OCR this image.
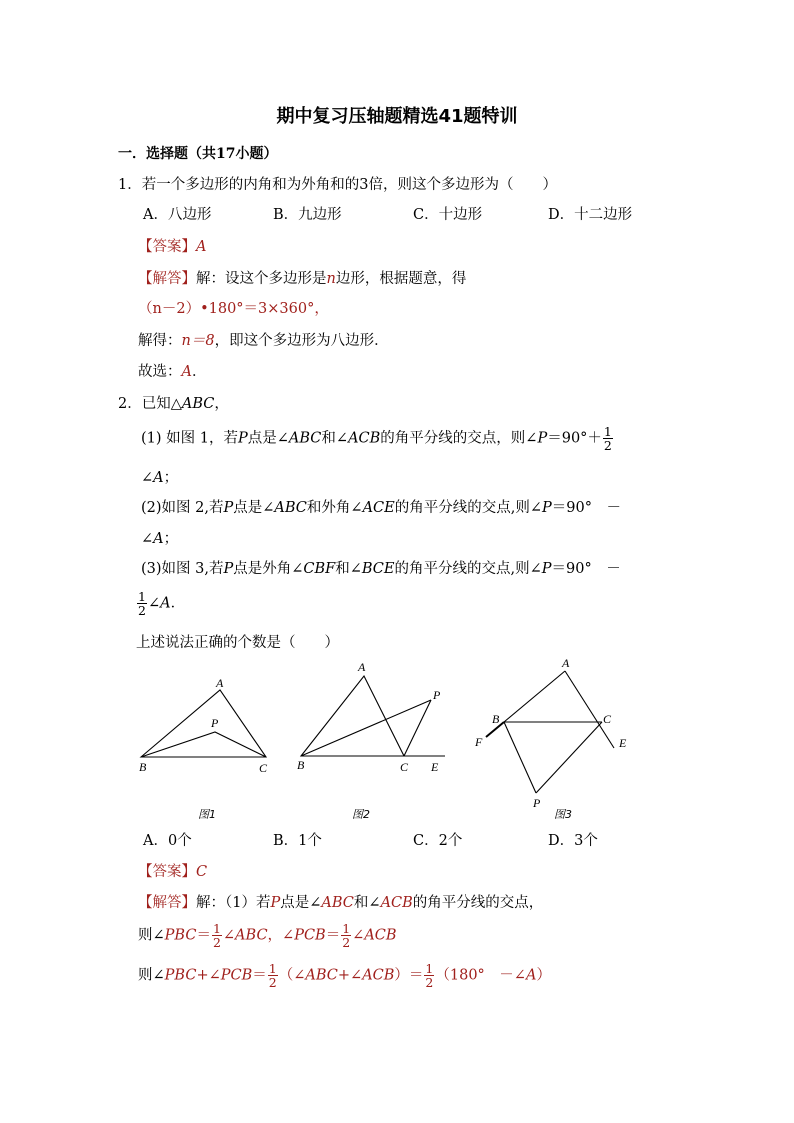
期中复习压轴题精选41题特训
一．选择题（共17小题）
1．若一个多边形的内角和为外角和的3倍，则这个多边形为（　　）
A．八边形	B．九边形	C．十边形	D．十二边形
【答案】A
【解答】解：设这个多边形是n边形，根据题意，得
（n－2）•180°＝3×360°，
解得：n＝8，即这个多边形为八边形．
故选：A．
2．已知△ABC，
(1) 如图 1，若P点是∠ABC和∠ACB的角平分线的交点，则∠P＝90°＋ $\frac{1}{2}$
∠A；
(2)如图 2,若P点是∠ABC和外角∠ACE的角平分线的交点,则∠P＝90°　－
∠A；
(3)如图 3,若P点是外角∠CBF和∠BCE的角平分线的交点,则∠P＝90°　－
$\frac{1}{2}$ ∠A．
上述说法正确的个数是（　　）
A
P
B	C
图1
A
P
B	C E
图2
A
B	C
F	E
P
图3
A．0个	B．1个	C．2个	D．3个
【答案】C
【解答】解：（1）若P点是∠ABC和∠ACB的角平分线的交点，
则∠PBC＝ $\frac{1}{2}$ ∠ABC，∠PCB＝ $\frac{1}{2}$ ∠ACB
则∠PBC+∠PCB＝ $\frac{1}{2}$ （∠ABC+∠ACB）＝ $\frac{1}{2} (180^\circ$　－∠A）
